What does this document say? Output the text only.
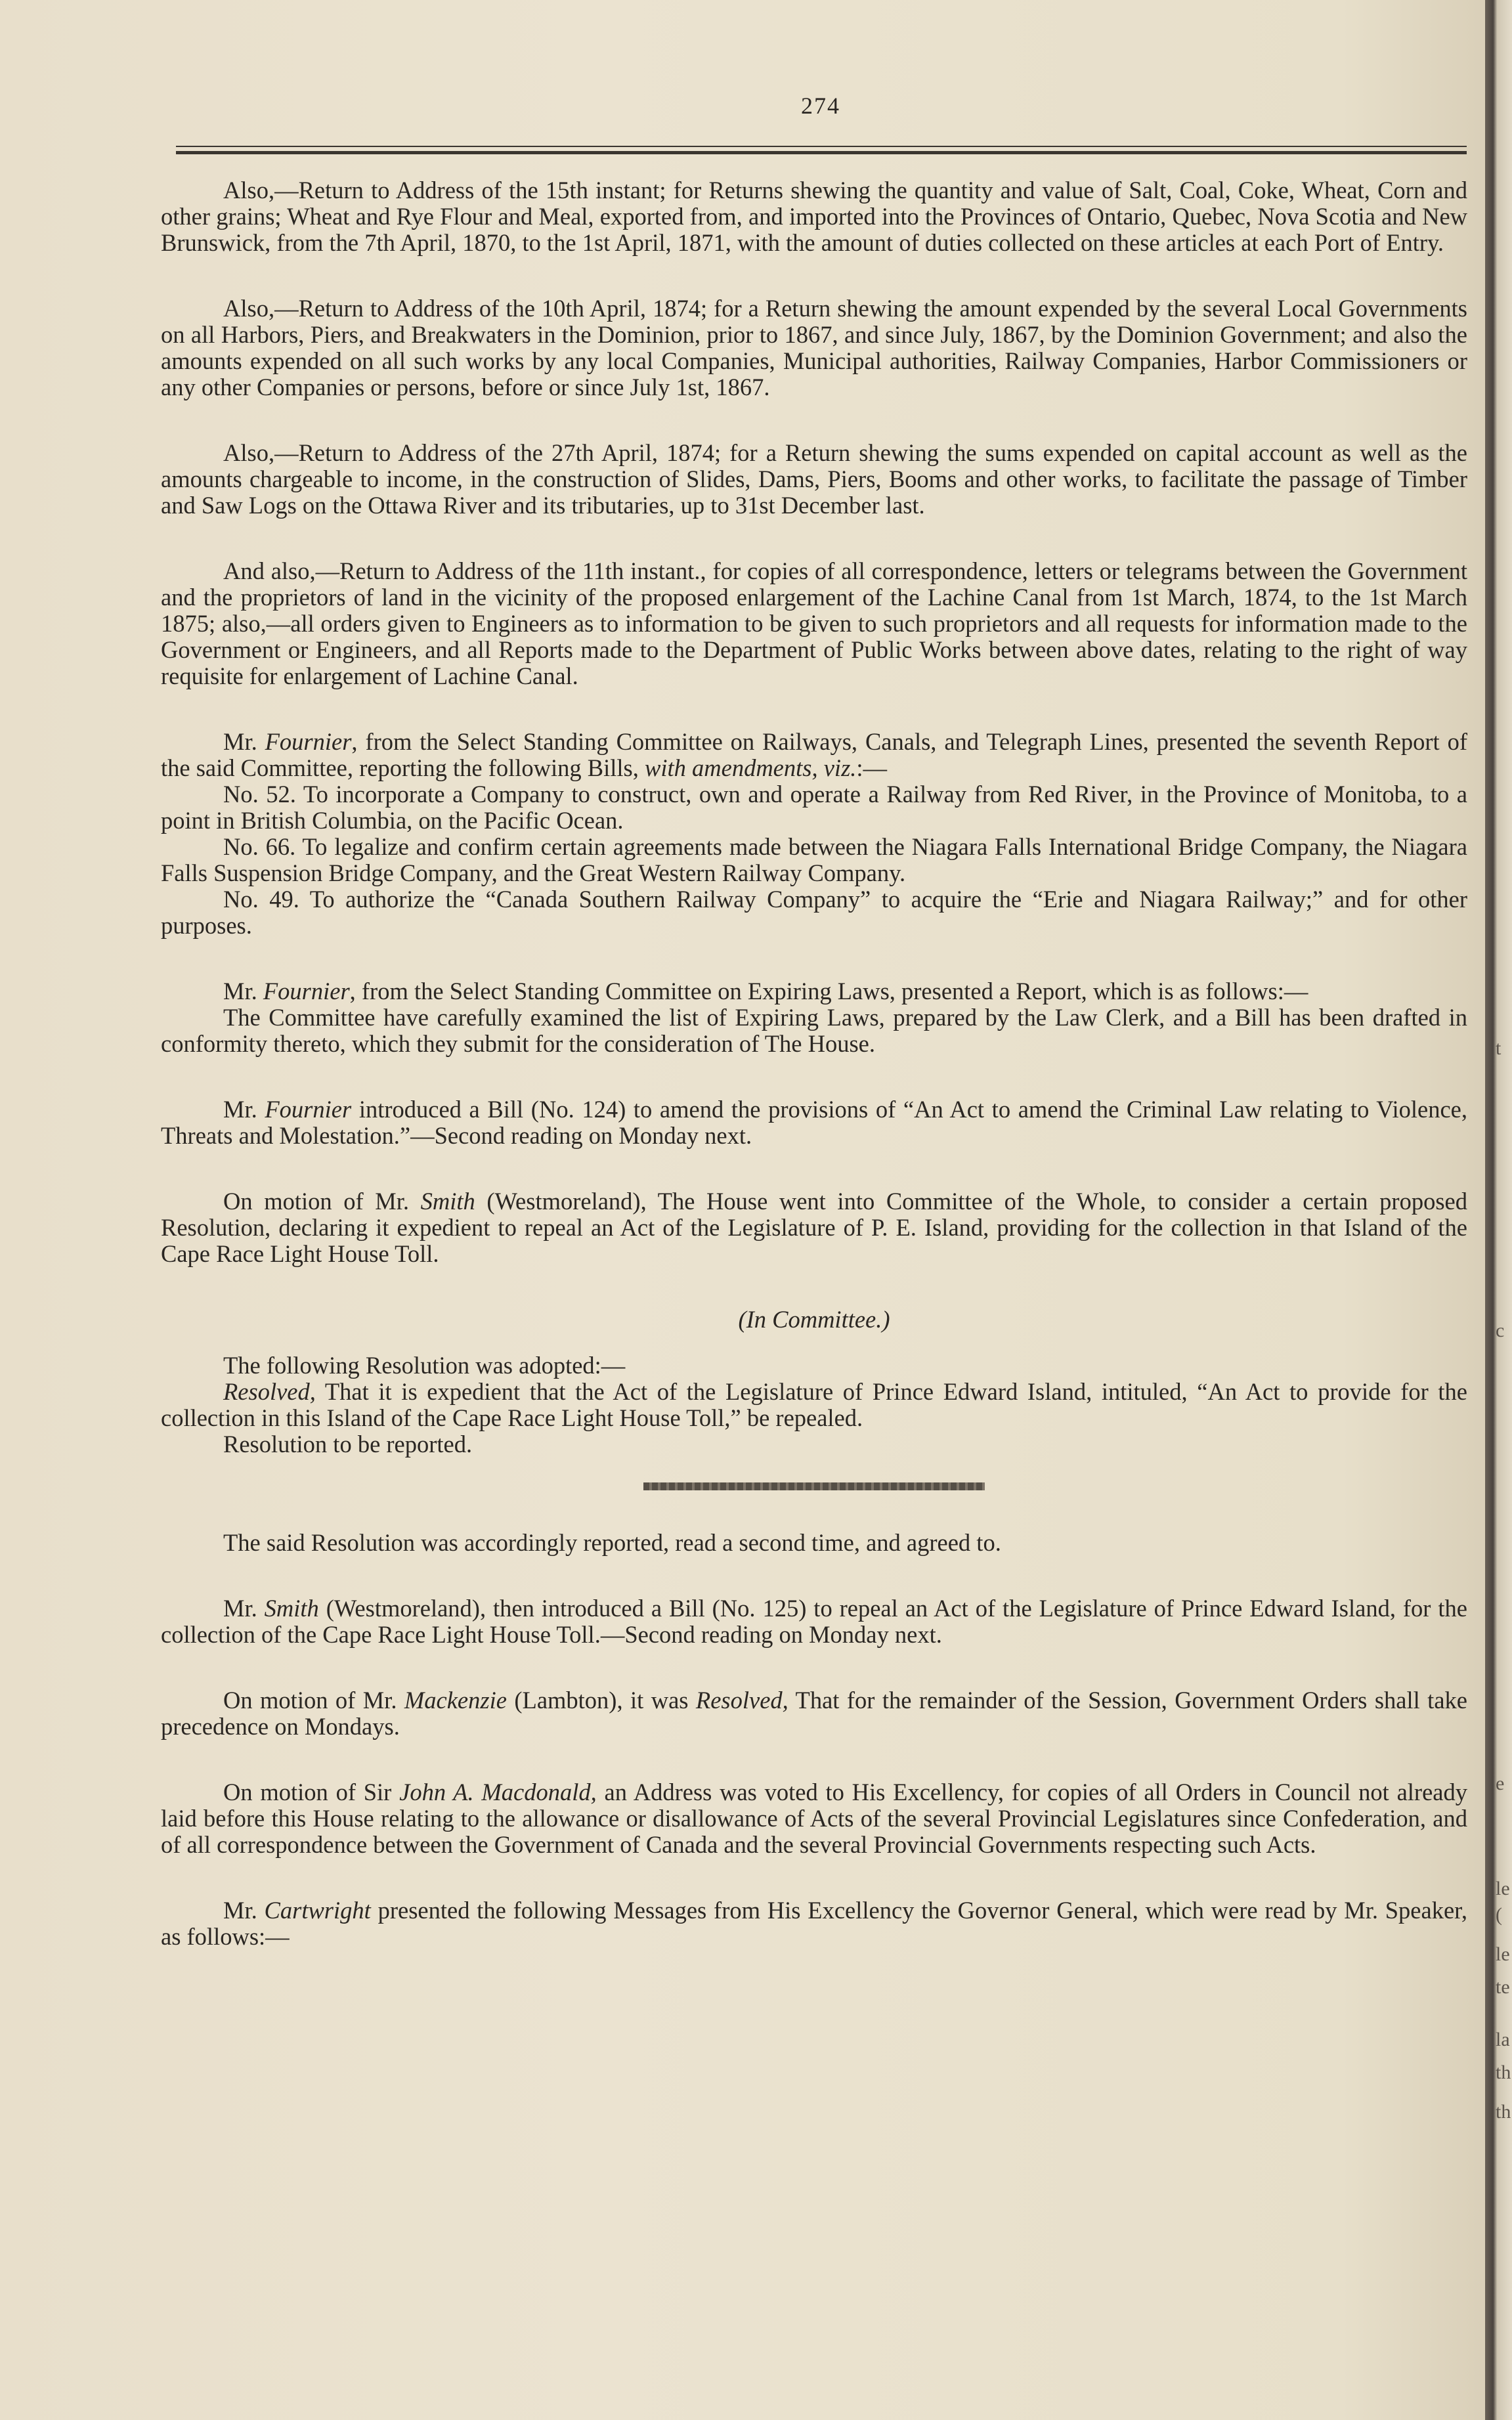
274

Also,—Return to Address of the 15th instant; for Returns shewing the quantity and value of Salt, Coal, Coke, Wheat, Corn and other grains; Wheat and Rye Flour and Meal, exported from, and imported into the Provinces of Ontario, Quebec, Nova Scotia and New Brunswick, from the 7th April, 1870, to the 1st April, 1871, with the amount of duties collected on these articles at each Port of Entry.

Also,—Return to Address of the 10th April, 1874; for a Return shewing the amount expended by the several Local Governments on all Harbors, Piers, and Breakwaters in the Dominion, prior to 1867, and since July, 1867, by the Dominion Government; and also the amounts expended on all such works by any local Companies, Municipal authorities, Railway Companies, Harbor Commissioners or any other Companies or persons, before or since July 1st, 1867.

Also,—Return to Address of the 27th April, 1874; for a Return shewing the sums expended on capital account as well as the amounts chargeable to income, in the construction of Slides, Dams, Piers, Booms and other works, to facilitate the passage of Timber and Saw Logs on the Ottawa River and its tributaries, up to 31st December last.

And also,—Return to Address of the 11th instant., for copies of all correspondence, letters or telegrams between the Government and the proprietors of land in the vicinity of the proposed enlargement of the Lachine Canal from 1st March, 1874, to the 1st March 1875; also,—all orders given to Engineers as to information to be given to such proprietors and all requests for information made to the Government or Engineers, and all Reports made to the Department of Public Works between above dates, relating to the right of way requisite for enlargement of Lachine Canal.

Mr. Fournier, from the Select Standing Committee on Railways, Canals, and Telegraph Lines, presented the seventh Report of the said Committee, reporting the following Bills, with amendments, viz.:—

No. 52. To incorporate a Company to construct, own and operate a Railway from Red River, in the Province of Monitoba, to a point in British Columbia, on the Pacific Ocean.

No. 66. To legalize and confirm certain agreements made between the Niagara Falls International Bridge Company, the Niagara Falls Suspension Bridge Company, and the Great Western Railway Company.

No. 49. To authorize the “Canada Southern Railway Company” to acquire the “Erie and Niagara Railway;” and for other purposes.

Mr. Fournier, from the Select Standing Committee on Expiring Laws, presented a Report, which is as follows:—

The Committee have carefully examined the list of Expiring Laws, prepared by the Law Clerk, and a Bill has been drafted in conformity thereto, which they submit for the consideration of The House.

Mr. Fournier introduced a Bill (No. 124) to amend the provisions of “An Act to amend the Criminal Law relating to Violence, Threats and Molestation.”—Second reading on Monday next.

On motion of Mr. Smith (Westmoreland), The House went into Committee of the Whole, to consider a certain proposed Resolution, declaring it expedient to repeal an Act of the Legislature of P. E. Island, providing for the collection in that Island of the Cape Race Light House Toll.

(In Committee.)

The following Resolution was adopted:—

Resolved, That it is expedient that the Act of the Legislature of Prince Edward Island, intituled, “An Act to provide for the collection in this Island of the Cape Race Light House Toll,” be repealed.

Resolution to be reported.

The said Resolution was accordingly reported, read a second time, and agreed to.

Mr. Smith (Westmoreland), then introduced a Bill (No. 125) to repeal an Act of the Legislature of Prince Edward Island, for the collection of the Cape Race Light House Toll.—Second reading on Monday next.

On motion of Mr. Mackenzie (Lambton), it was Resolved, That for the remainder of the Session, Government Orders shall take precedence on Mondays.

On motion of Sir John A. Macdonald, an Address was voted to His Excellency, for copies of all Orders in Council not already laid before this House relating to the allowance or disallowance of Acts of the several Provincial Legislatures since Confederation, and of all correspondence between the Government of Canada and the several Provincial Governments respecting such Acts.

Mr. Cartwright presented the following Messages from His Excellency the Governor General, which were read by Mr. Speaker, as follows:—

t
c
e
le
(
le
te
la
th
th
